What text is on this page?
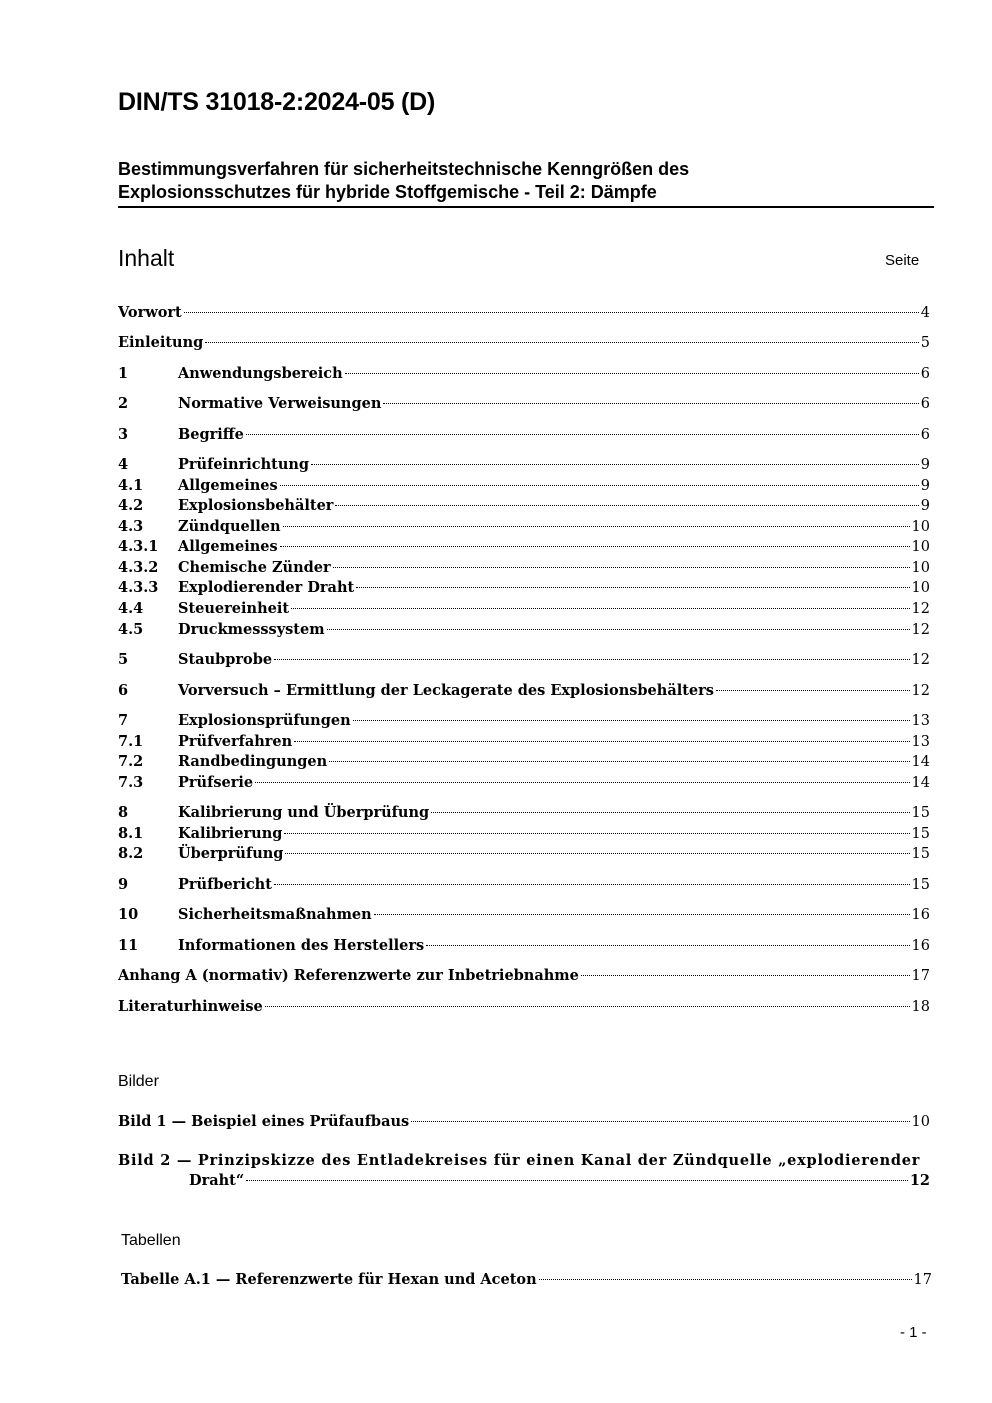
DIN/TS 31018-2:2024-05 (D)
Bestimmungsverfahren für sicherheitstechnische Kenngrößen des
Explosionsschutzes für hybride Stoffgemische - Teil 2: Dämpfe
Inhalt	Seite
Vorwort	4
Einleitung	5
1	Anwendungsbereich	6
2	Normative Verweisungen	6
3	Begriffe	6
4	Prüfeinrichtung	9
4.1	Allgemeines	9
4.2	Explosionsbehälter	9
4.3	Zündquellen	10
4.3.1	Allgemeines	10
4.3.2	Chemische Zünder	10
4.3.3	Explodierender Draht	10
4.4	Steuereinheit	12
4.5	Druckmesssystem	12
5	Staubprobe	12
6	Vorversuch – Ermittlung der Leckagerate des Explosionsbehälters	12
7	Explosionsprüfungen	13
7.1	Prüfverfahren	13
7.2	Randbedingungen	14
7.3	Prüfserie	14
8	Kalibrierung und Überprüfung	15
8.1	Kalibrierung	15
8.2	Überprüfung	15
9	Prüfbericht	15
10	Sicherheitsmaßnahmen	16
11	Informationen des Herstellers	16
Anhang A (normativ) Referenzwerte zur Inbetriebnahme	17
Literaturhinweise	18
Bilder
Bild 1 — Beispiel eines Prüfaufbaus	10
Bild 2 — Prinzipskizze des Entladekreises für einen Kanal der Zündquelle „explodierender
Draht“	12
Tabellen
Tabelle A.1 — Referenzwerte für Hexan und Aceton	17
- 1 -
